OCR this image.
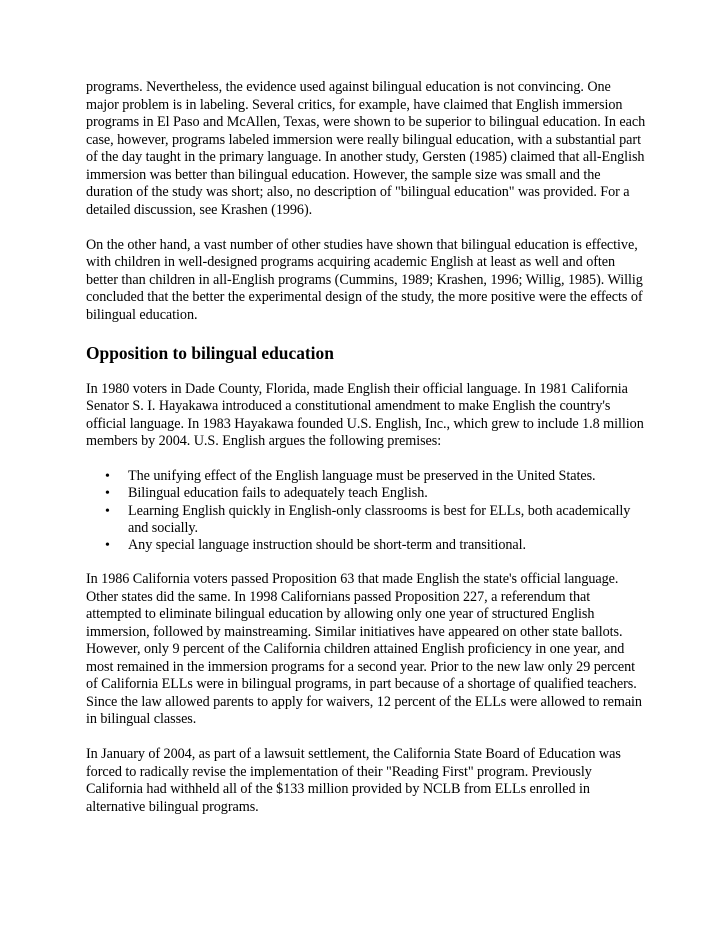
programs. Nevertheless, the evidence used against bilingual education is not convincing. One major problem is in labeling. Several critics, for example, have claimed that English immersion programs in El Paso and McAllen, Texas, were shown to be superior to bilingual education. In each case, however, programs labeled immersion were really bilingual education, with a substantial part of the day taught in the primary language. In another study, Gersten (1985) claimed that all-English immersion was better than bilingual education. However, the sample size was small and the duration of the study was short; also, no description of "bilingual education" was provided. For a detailed discussion, see Krashen (1996).

On the other hand, a vast number of other studies have shown that bilingual education is effective, with children in well-designed programs acquiring academic English at least as well and often better than children in all-English programs (Cummins, 1989; Krashen, 1996; Willig, 1985). Willig concluded that the better the experimental design of the study, the more positive were the effects of bilingual education.

Opposition to bilingual education

In 1980 voters in Dade County, Florida, made English their official language. In 1981 California Senator S. I. Hayakawa introduced a constitutional amendment to make English the country's official language. In 1983 Hayakawa founded U.S. English, Inc., which grew to include 1.8 million members by 2004. U.S. English argues the following premises:

• The unifying effect of the English language must be preserved in the United States.
• Bilingual education fails to adequately teach English.
• Learning English quickly in English-only classrooms is best for ELLs, both academically and socially.
• Any special language instruction should be short-term and transitional.

In 1986 California voters passed Proposition 63 that made English the state's official language. Other states did the same. In 1998 Californians passed Proposition 227, a referendum that attempted to eliminate bilingual education by allowing only one year of structured English immersion, followed by mainstreaming. Similar initiatives have appeared on other state ballots. However, only 9 percent of the California children attained English proficiency in one year, and most remained in the immersion programs for a second year. Prior to the new law only 29 percent of California ELLs were in bilingual programs, in part because of a shortage of qualified teachers. Since the law allowed parents to apply for waivers, 12 percent of the ELLs were allowed to remain in bilingual classes.

In January of 2004, as part of a lawsuit settlement, the California State Board of Education was forced to radically revise the implementation of their "Reading First" program. Previously California had withheld all of the $133 million provided by NCLB from ELLs enrolled in alternative bilingual programs.
